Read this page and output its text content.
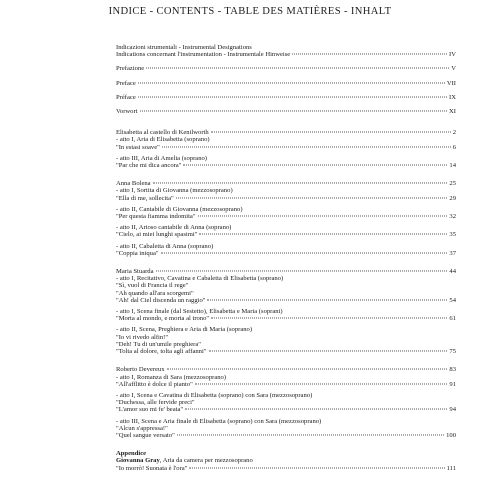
INDICE - CONTENTS - TABLE DES MATIÈRES - INHALT
Indicazioni strumentali - Instrumental Designations
Indications concernant l'instrumentation - Instrumentale Hinweise	IV
Prefazione	V
Preface	VII
Préface	IX
Vorwort	XI
Elisabetta al castello di Kenilworth	2
- atto I, Aria di Elisabetta (soprano)
"In estasi soave"	6
- atto III, Aria di Amelia (soprano)
"Par che mi dica ancora"	14
Anna Bolena	25
- atto I, Sortita di Giovanna (mezzosoprano)
"Ella di me, sollecita"	29
- atto II, Cantabile di Giovanna (mezzosoprano)
"Per questa fiamma indomita"	32
- atto II, Arioso cantabile di Anna (soprano)
"Cielo, ai miei lunghi spasimi"	35
- atto II, Cabaletta di Anna (soprano)
"Coppia iniqua"	37
Maria Stuarda	44
- atto I, Recitativo, Cavatina e Cabaletta di Elisabetta (soprano)
"Sì, vuol di Francia il rege"
"Ah quando all'ara scorgemi"
"Ah! dal Ciel discenda un raggio"	54
- atto I, Scena finale (dal Sestetto), Elisabetta e Maria (soprani)
"Morta al mondo, e morta al trono"	61
- atto II, Scena, Preghiera e Aria di Maria (soprano)
"Io vi rivedo alfin!"
"Deh! Tu di un'umile preghiera"
"Tolta al dolore, tolta agli affanni"	75
Roberto Devereux	83
- atto I, Romanza di Sara (mezzosoprano)
"All'afflitto è dolce il pianto"	91
- atto I, Scena e Cavatina di Elisabetta (soprano) con Sara (mezzosoprano)
"Duchessa, alle fervide preci"
"L'amor suo mi fe' beata"	94
- atto III, Scena e Aria finale di Elisabetta (soprano) con Sara (mezzosoprano)
"Alcun s'appressa!"
"Quel sangue versato"	100
Appendice
Giovanna Gray, Aria da camera per mezzosoprano
"Io morrò! Suonata è l'ora"	111
